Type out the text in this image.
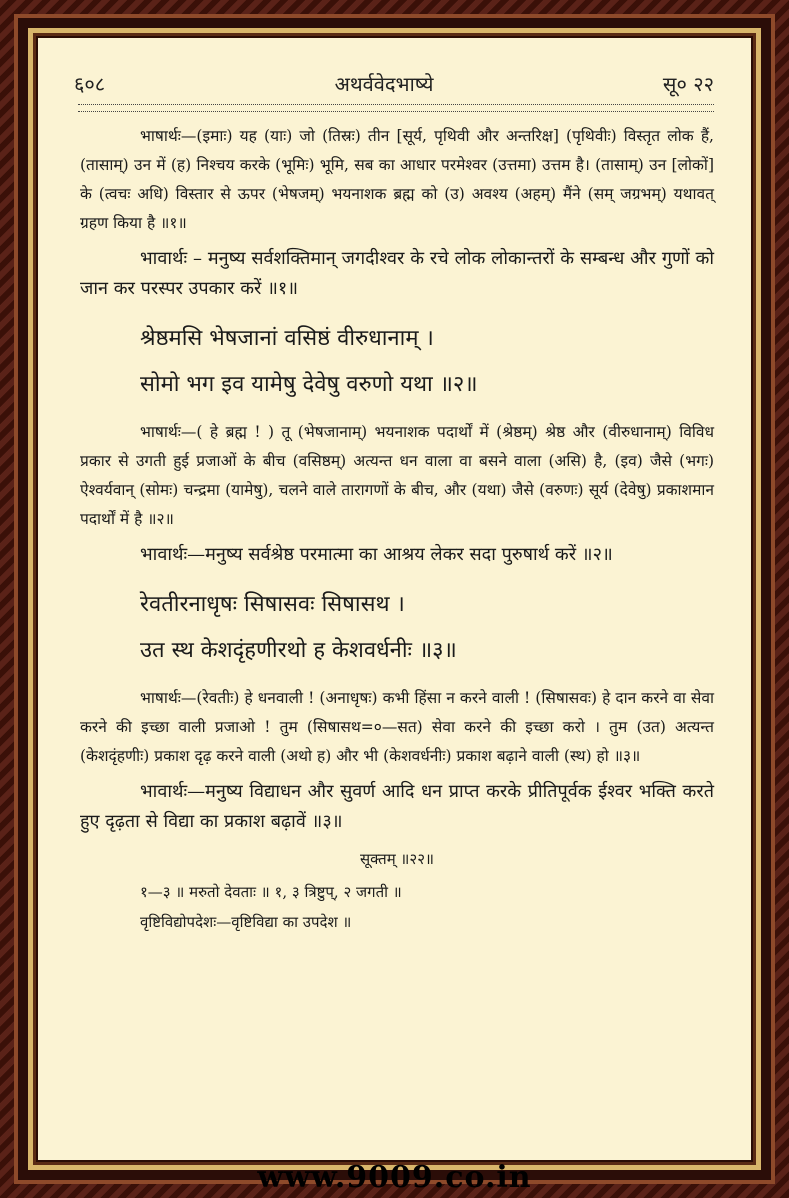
६०८	अथर्ववेदभाष्ये	सू० २२

भाषार्थः—(इमाः) यह (याः) जो (तिस्रः) तीन [सूर्य, पृथिवी और अन्तरिक्ष] (पृथिवीः) विस्तृत लोक हैं, (तासाम्) उन में (ह) निश्चय करके (भूमिः) भूमि, सब का आधार परमेश्वर (उत्तमा) उत्तम है। (तासाम्) उन [लोकों] के (त्वचः अधि) विस्तार से ऊपर (भेषजम्) भयनाशक ब्रह्म को (उ) अवश्य (अहम्) मैंने (सम् जग्रभम्) यथावत् ग्रहण किया है ॥१॥

भावार्थः – मनुष्य सर्वशक्तिमान् जगदीश्वर के रचे लोक लोकान्तरों के सम्बन्ध और गुणों को जान कर परस्पर उपकार करें ॥१॥

श्रेष्ठमसि भेषजानां वसिष्ठं वीरुधानाम् ।
सोमो भग इव यामेषु देवेषु वरुणो यथा ॥२॥

भाषार्थः—( हे ब्रह्म ! ) तू (भेषजानाम्) भयनाशक पदार्थों में (श्रेष्ठम्) श्रेष्ठ और (वीरुधानाम्) विविध प्रकार से उगती हुई प्रजाओं के बीच (वसिष्ठम्) अत्यन्त धन वाला वा बसने वाला (असि) है, (इव) जैसे (भगः) ऐश्वर्यवान् (सोमः) चन्द्रमा (यामेषु), चलने वाले तारागणों के बीच, और (यथा) जैसे (वरुणः) सूर्य (देवेषु) प्रकाशमान पदार्थों में है ॥२॥

भावार्थः—मनुष्य सर्वश्रेष्ठ परमात्मा का आश्रय लेकर सदा पुरुषार्थ करें ॥२॥

रेवतीरनाधृषः सिषासवः सिषासथ ।
उत स्थ केशदृंहणीरथो ह केशवर्धनीः ॥३॥

भाषार्थः—(रेवतीः) हे धनवाली ! (अनाधृषः) कभी हिंसा न करने वाली ! (सिषासवः) हे दान करने वा सेवा करने की इच्छा वाली प्रजाओ ! तुम (सिषासथ=०—सत) सेवा करने की इच्छा करो । तुम (उत) अत्यन्त (केशदृंहणीः) प्रकाश दृढ़ करने वाली (अथो ह) और भी (केशवर्धनीः) प्रकाश बढ़ाने वाली (स्थ) हो ॥३॥

भावार्थः—मनुष्य विद्याधन और सुवर्ण आदि धन प्राप्त करके प्रीतिपूर्वक ईश्वर भक्ति करते हुए दृढ़ता से विद्या का प्रकाश बढ़ावें ॥३॥

सूक्तम् ॥२२॥

१—३ ॥ मरुतो देवताः ॥ १, ३ त्रिष्टुप्, २ जगती ॥

वृष्टिविद्योपदेशः—वृष्टिविद्या का उपदेश ॥

www.9009.co.in
